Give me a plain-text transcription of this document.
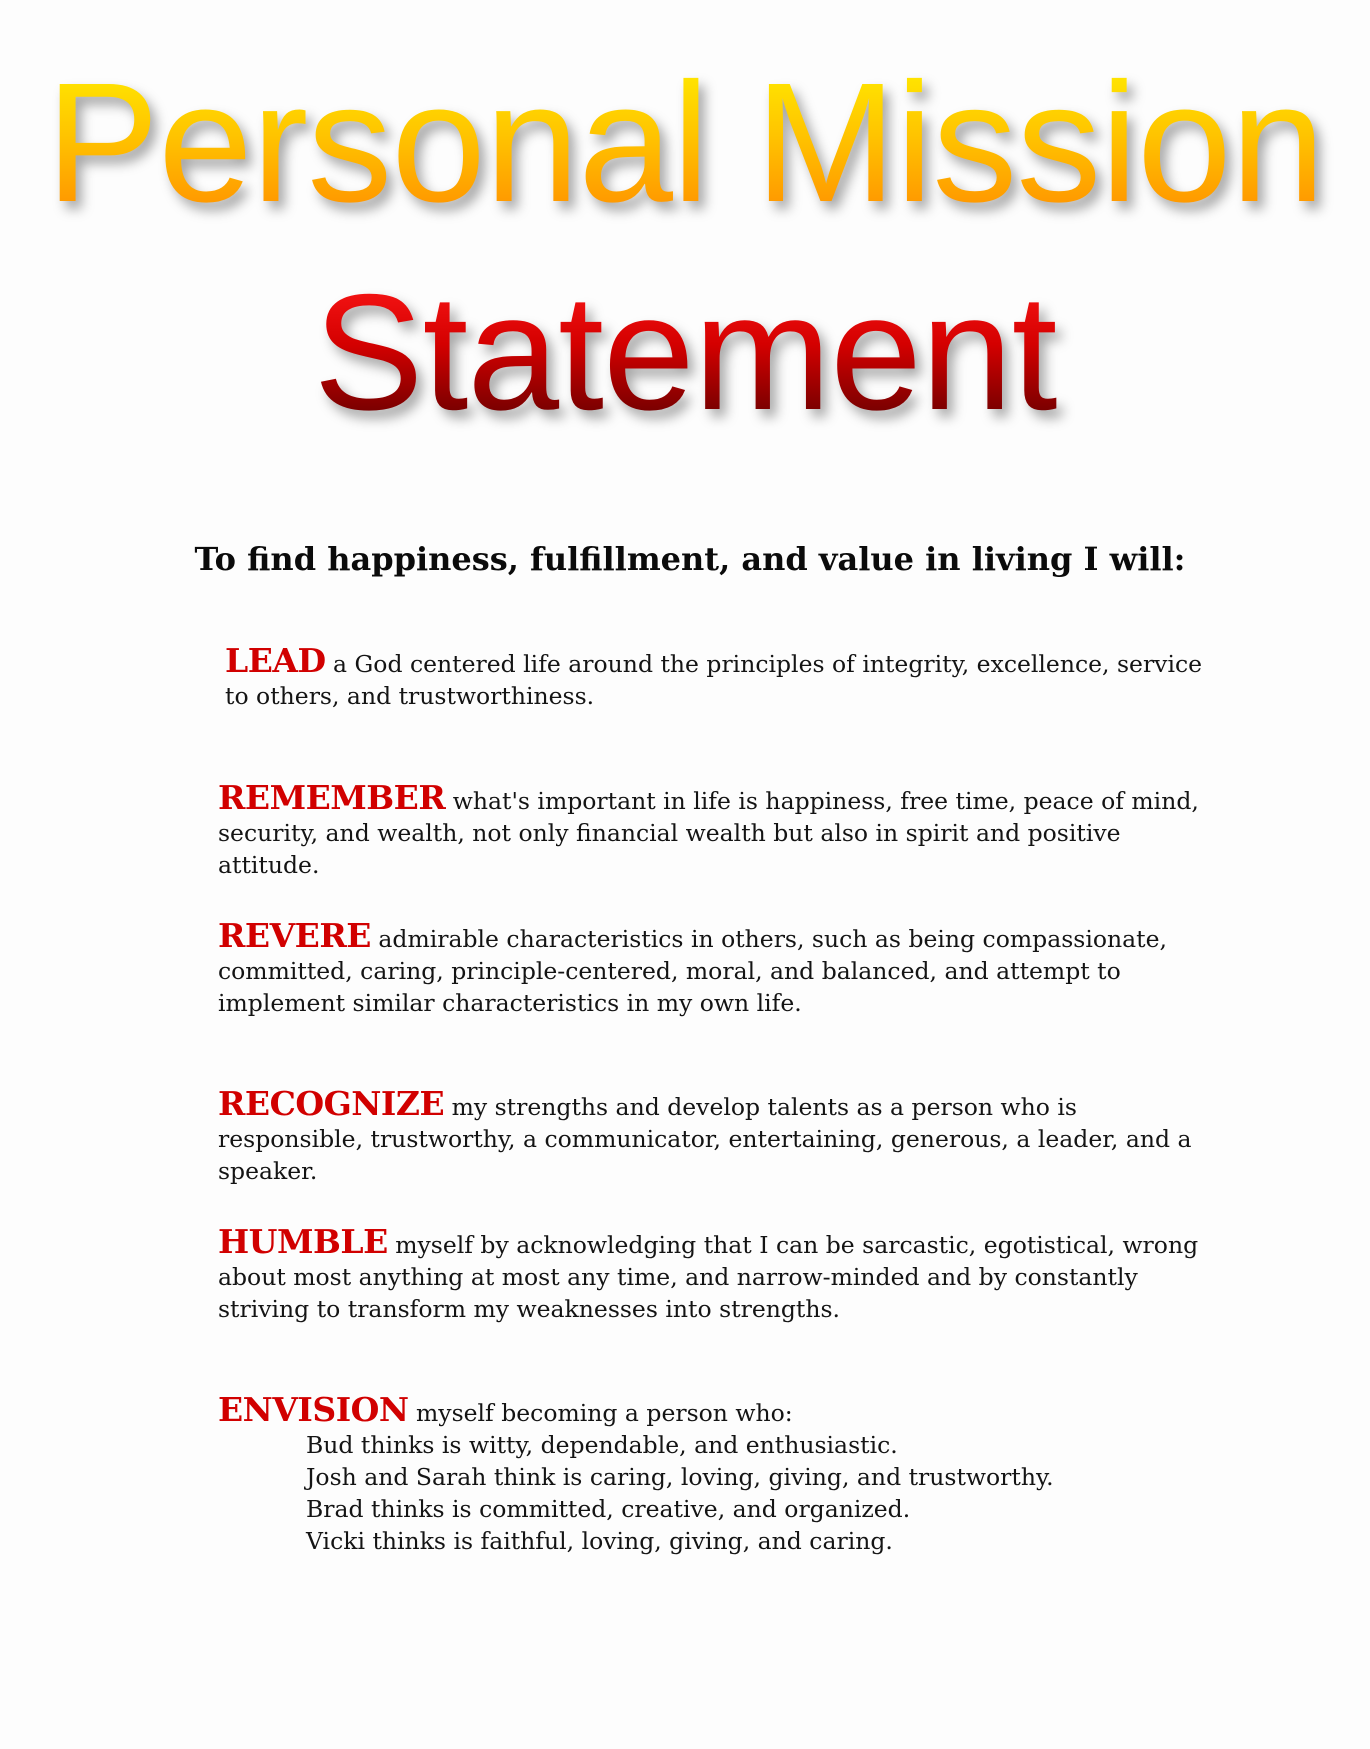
Personal Mission
Statement
To find happiness, fulfillment, and value in living I will:
LEAD a God centered life around the principles of integrity, excellence, service to others, and trustworthiness.
REMEMBER what's important in life is happiness, free time, peace of mind, security, and wealth, not only financial wealth but also in spirit and positive attitude.
REVERE admirable characteristics in others, such as being compassionate, committed, caring, principle-centered, moral, and balanced, and attempt to implement similar characteristics in my own life.
RECOGNIZE my strengths and develop talents as a person who is responsible, trustworthy, a communicator, entertaining, generous, a leader, and a speaker.
HUMBLE myself by acknowledging that I can be sarcastic, egotistical, wrong about most anything at most any time, and narrow-minded and by constantly striving to transform my weaknesses into strengths.
ENVISION myself becoming a person who:
Bud thinks is witty, dependable, and enthusiastic.
Josh and Sarah think is caring, loving, giving, and trustworthy.
Brad thinks is committed, creative, and organized.
Vicki thinks is faithful, loving, giving, and caring.
